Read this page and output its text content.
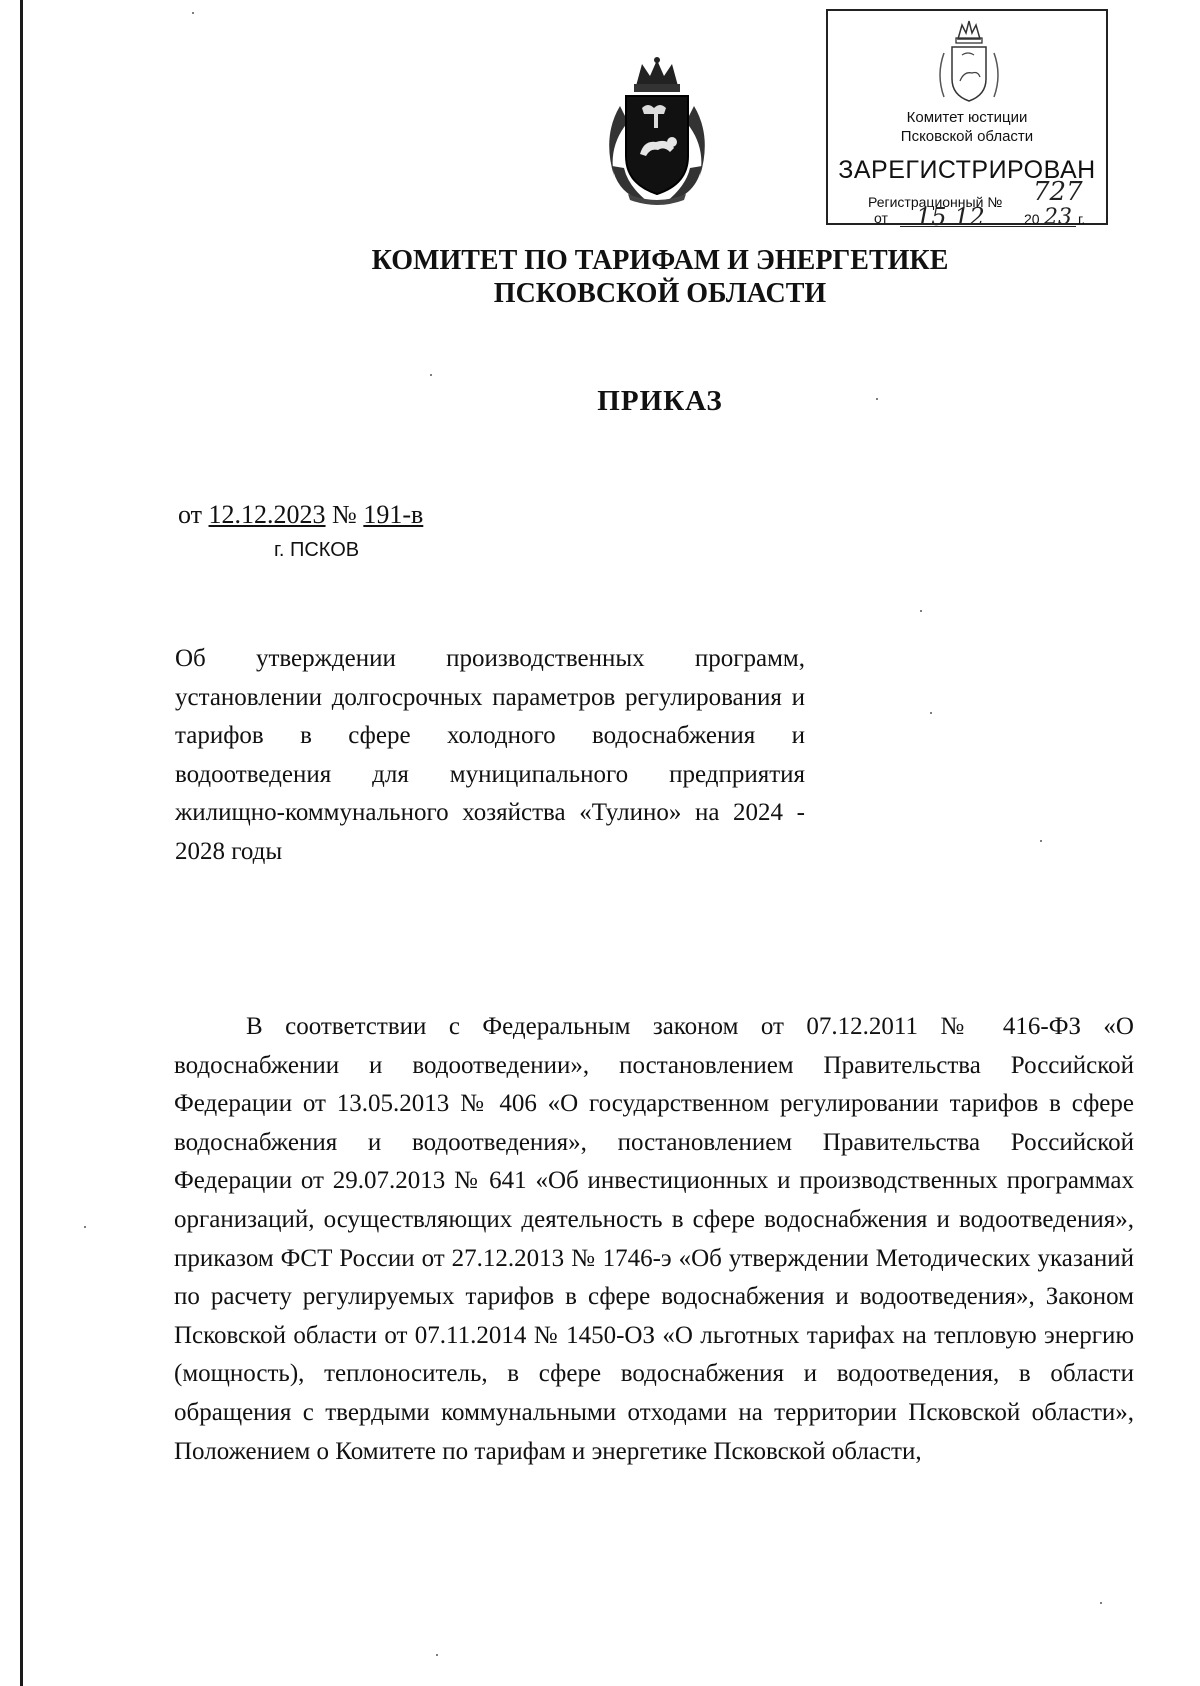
Комитет юстиции
Псковской области
ЗАРЕГИСТРИРОВАН
Регистрационный №
от
727
15 12	20 23 г.
КОМИТЕТ ПО ТАРИФАМ И ЭНЕРГЕТИКЕ
ПСКОВСКОЙ ОБЛАСТИ
ПРИКАЗ
от 12.12.2023 № 191-в
г. ПСКОВ
Об утверждении производственных программ, установлении долгосрочных параметров регулирования и тарифов в сфере холодного водоснабжения и водоотведения для муниципального предприятия жилищно-коммунального хозяйства «Тулино» на 2024 - 2028 годы
В соответствии с Федеральным законом от 07.12.2011 № 416-ФЗ «О водоснабжении и водоотведении», постановлением Правительства Российской Федерации от 13.05.2013 № 406 «О государственном регулировании тарифов в сфере водоснабжения и водоотведения», постановлением Правительства Российской Федерации от 29.07.2013 № 641 «Об инвестиционных и производственных программах организаций, осуществляющих деятельность в сфере водоснабжения и водоотведения», приказом ФСТ России от 27.12.2013 № 1746-э «Об утверждении Методических указаний по расчету регулируемых тарифов в сфере водоснабжения и водоотведения», Законом Псковской области от 07.11.2014 № 1450-ОЗ «О льготных тарифах на тепловую энергию (мощность), теплоноситель, в сфере водоснабжения и водоотведения, в области обращения с твердыми коммунальными отходами на территории Псковской области», Положением о Комитете по тарифам и энергетике Псковской области,
